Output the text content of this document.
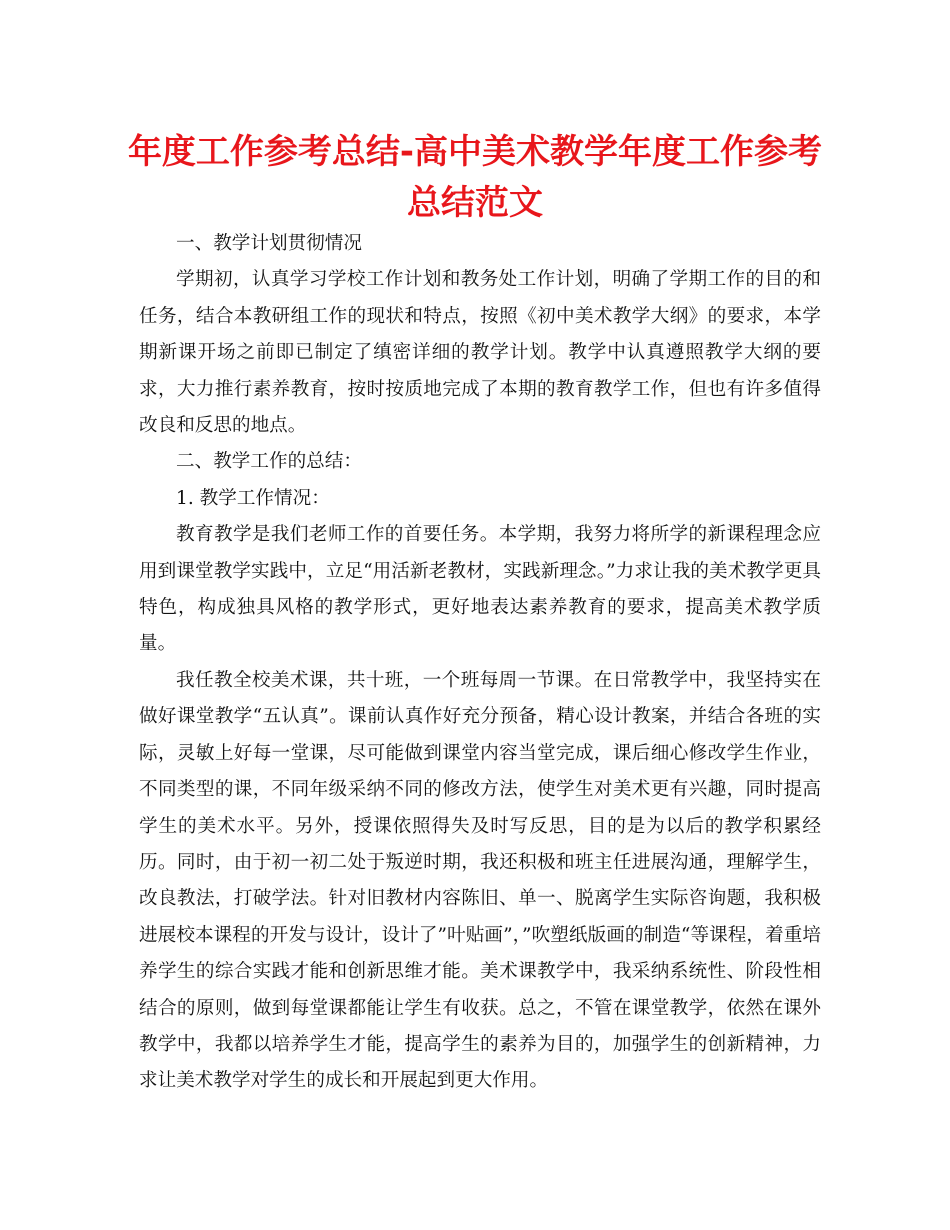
年度工作参考总结-高中美术教学年度工作参考总结范文

一、教学计划贯彻情况

学期初，认真学习学校工作计划和教务处工作计划，明确了学期工作的目的和任务，结合本教研组工作的现状和特点，按照《初中美术教学大纲》的要求，本学期新课开场之前即已制定了缜密详细的教学计划。教学中认真遵照教学大纲的要求，大力推行素养教育，按时按质地完成了本期的教育教学工作，但也有许多值得改良和反思的地点。

二、教学工作的总结：

1. 教学工作情况：

教育教学是我们老师工作的首要任务。本学期，我努力将所学的新课程理念应用到课堂教学实践中，立足“用活新老教材，实践新理念。”力求让我的美术教学更具特色，构成独具风格的教学形式，更好地表达素养教育的要求，提高美术教学质量。

我任教全校美术课，共十班，一个班每周一节课。在日常教学中，我坚持实在做好课堂教学“五认真”。课前认真作好充分预备，精心设计教案，并结合各班的实际，灵敏上好每一堂课，尽可能做到课堂内容当堂完成，课后细心修改学生作业，不同类型的课，不同年级采纳不同的修改方法，使学生对美术更有兴趣，同时提高学生的美术水平。另外，授课依照得失及时写反思，目的是为以后的教学积累经历。同时，由于初一初二处于叛逆时期，我还积极和班主任进展沟通，理解学生，改良教法，打破学法。针对旧教材内容陈旧、单一、脱离学生实际咨询题，我积极进展校本课程的开发与设计，设计了”叶贴画”，”吹塑纸版画的制造“等课程，着重培养学生的综合实践才能和创新思维才能。美术课教学中，我采纳系统性、阶段性相结合的原则，做到每堂课都能让学生有收获。总之，不管在课堂教学，依然在课外教学中，我都以培养学生才能，提高学生的素养为目的，加强学生的创新精神，力求让美术教学对学生的成长和开展起到更大作用。
